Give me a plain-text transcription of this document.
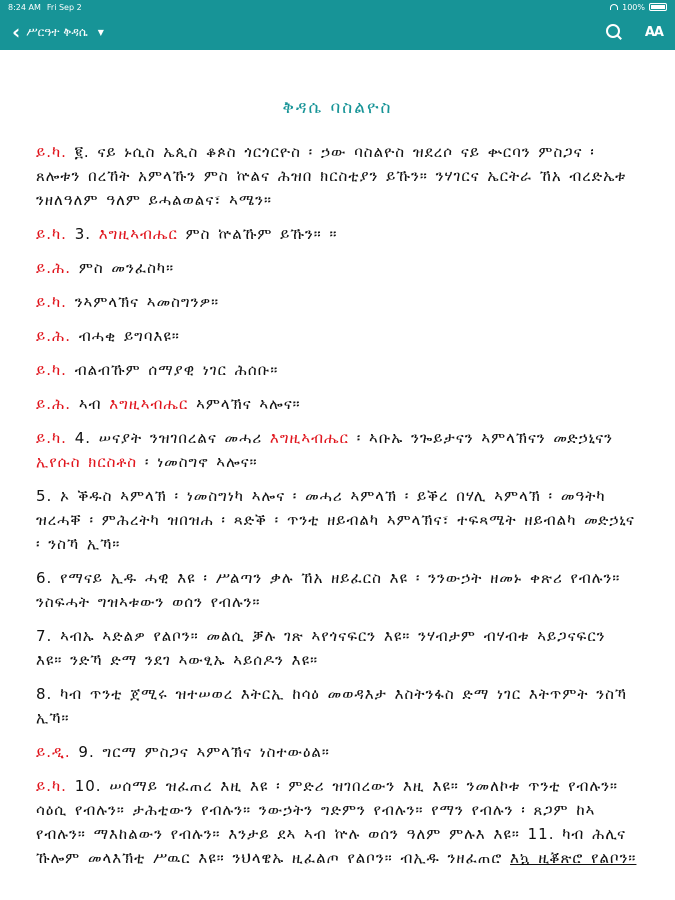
8:24 AM Fri Sep 2	100%
‹ ሥርዓተ ቅዳሴ ▼	AA
ቅዳሴ ባስልዮስ
ይ.ካ. ፪. ናይ ኑሲስ ኤጲስ ቆጶስ ጎርጎርዮስ ፡ ኃው ባስልዮስ ዝደረሶ ናይ ቍርባን ምስጋና ፡ ጸሎቱን በረኸት አምላኹን ምስ ኵልና ሕዝበ ክርስቲያን ይኹን። ንሃገርና ኤርትራ ኸአ ብረድኤቱ ንዘለዓለም ዓለም ይሓልወልና፣ ኣሜን።
ይ.ካ. 3. እግዚኣብሔር ምስ ኵልኹም ይኹን። ።
ይ.ሕ. ምስ መንፈስካ።
ይ.ካ. ንኣምላኽና ኣመስግንዎ።
ይ.ሕ. ብሓቂ ይግባእዩ።
ይ.ካ. ብልብኹም ሰማያዊ ነገር ሕሰቡ።
ይ.ሕ. ኣብ እግዚኣብሔር ኣምላኽና ኣሎና።
ይ.ካ. 4. ሠናያት ንዝገበረልና መሓሪ እግዚኣብሔር ፡ ኣቡኡ ንጐይታናን ኣምላኽናን መድኃኒናን ኢየሱስ ክርስቶስ ፡ ነመስግኖ ኣሎና።
5. ኦ ቕዱስ ኣምላኽ ፡ ነመስግነካ ኣሎና ፡ መሓሪ ኣምላኽ ፡ ይቕረ በሃሊ ኣምላኽ ፡ መዓትካ ዝረሓቐ ፡ ምሕረትካ ዝበዝሐ ፡ ጻድቕ ፡ ጥንቲ ዘይብልካ ኣምላኽና፣ ተፍጻሜት ዘይብልካ መድኃኒና ፡ ንስኻ ኢኻ።
6. የማናይ ኢዱ ሓዊ እዩ ፡ ሥልጣን ቃሉ ኸአ ዘይፈርስ እዩ ፡ ንንውኃት ዘመኑ ቀጽሪ የብሉን። ንስፍሓት ግዝኣቱውን ወሰን የብሉን።
7. ኣብኡ ኣድልዎ የልቦን። መልሲ ቓሉ ገጽ ኣየጎናፍርን እዩ። ንሃብታም ብሃብቱ ኣይጋናፍርን እዩ። ንድኻ ድማ ንደገ ኣውፂኡ ኣይሰዶን እዩ።
8. ካብ ጥንቲ ጀሚሩ ዝተሠወረ እትርኢ ከሳዕ መወዳእታ እስትንፋስ ድማ ነገር እትጥምት ንስኻ ኢኻ።
ይ.ዲ. 9. ግርማ ምስጋና ኣምላኽና ነስተውዕል።
ይ.ካ. 10. ሠሰማይ ዝፈጠረ እዚ እዩ ፡ ምድሪ ዝገበረውን እዚ እዩ። ንመለኮቱ ጥንቲ የብሉን። ሳዕሲ የብሉን። ታሕቲውን የብሉን። ንውኃትን ግድምን የብሉን። የማን የብሉን ፡ ጸጋም ከኣ የብሉን። ማእከልውን የብሉን። እንታይ ደኣ ኣብ ኵሉ ወሰን ዓለም ምሉእ እዩ። 11. ካብ ሕሊና ኹሎም መላእኽቲ ሥዉር እዩ። ንህላዌኡ ዚፈልጦ የልቦን። ብኢዱ ንዘፈጠሮ እኳ ዚቖጽሮ የልቦን።
